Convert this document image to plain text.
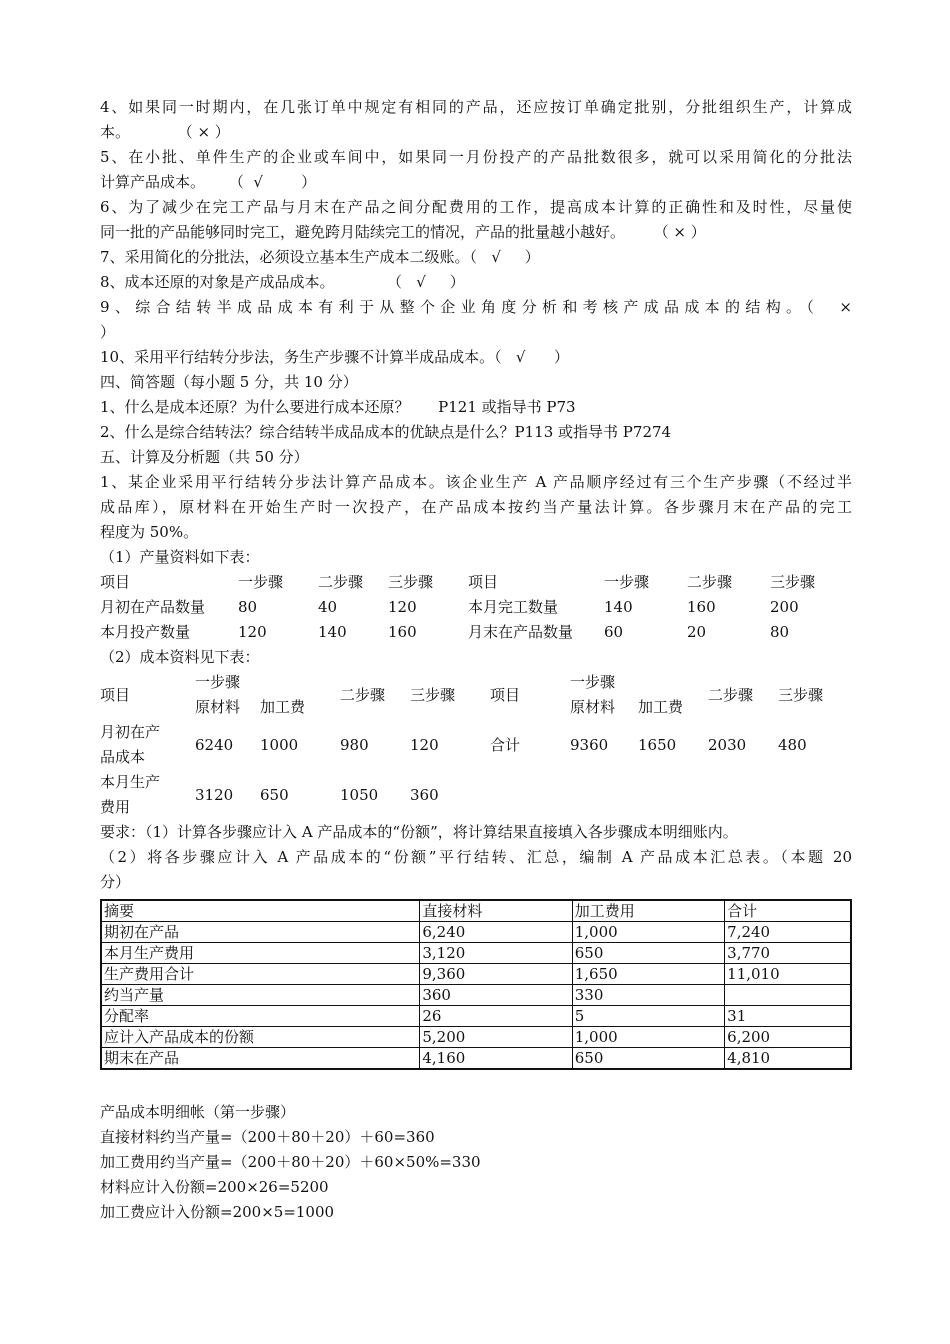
4、如果同一时期内，在几张订单中规定有相同的产品，还应按订单确定批别，分批组织生产，计算成

本。          （ × ）

5、在小批、单件生产的企业或车间中，如果同一月份投产的产品批数很多，就可以采用简化的分批法

计算产品成本。     （  √        ）

6、为了减少在完工产品与月末在产品之间分配费用的工作，提高成本计算的正确性和及时性，尽量使

同一批的产品能够同时完工，避免跨月陆续完工的情况，产品的批量越小越好。      （ × ）

7、采用简化的分批法，必须设立基本生产成本二级账。（   √     ）

8、成本还原的对象是产成品成本。           （   √     ）

9、综合结转半成品成本有利于从整个企业角度分析和考核产成品成本的结构。（  ×

）

10、采用平行结转分步法，务生产步骤不计算半成品成本。（   √      ）

四、简答题（每小题 5 分，共 10 分）

1、什么是成本还原？为什么要进行成本还原？      P121 或指导书 P73

2、什么是综合结转法？综合结转半成品成本的优缺点是什么？P113 或指导书 P7274

五、计算及分析题（共 50 分）

1、某企业采用平行结转分步法计算产品成本。该企业生产 A 产品顺序经过有三个生产步骤（不经过半

成品库），原材料在开始生产时一次投产，在产品成本按约当产量法计算。各步骤月末在产品的完工

程度为 50%。

（1）产量资料如下表：

项目	一步骤	二步骤	三步骤	项目	一步骤	二步骤	三步骤
月初在产品数量	80	40	120	本月完工数量	140	160	200
本月投产数量	120	140	160	月末在产品数量	60	20	80

（2）成本资料见下表：

项目	一步骤		二步骤	三步骤	项目	一步骤		二步骤	三步骤
	原材料	加工费				原材料	加工费		
月初在产
品成本	6240	1000	980	120	合计	9360	1650	2030	480
本月生产
费用	3120	650	1050	360					

要求：（1）计算各步骤应计入 A 产品成本的“份额”，将计算结果直接填入各步骤成本明细账内。

（2）将各步骤应计入 A 产品成本的“份额”平行结转、汇总，编制 A 产品成本汇总表。（本题 20

分）

摘要	直接材料	加工费用	合计
期初在产品	6,240	1,000	7,240
本月生产费用	3,120	650	3,770
生产费用合计	9,360	1,650	11,010
约当产量	360	330	
分配率	26	5	31
应计入产品成本的份额	5,200	1,000	6,200
期末在产品	4,160	650	4,810

产品成本明细帐（第一步骤）

直接材料约当产量=（200＋80＋20）＋60=360

加工费用约当产量=（200＋80＋20）＋60×50%=330

材料应计入份额=200×26=5200

加工费应计入份额=200×5=1000
